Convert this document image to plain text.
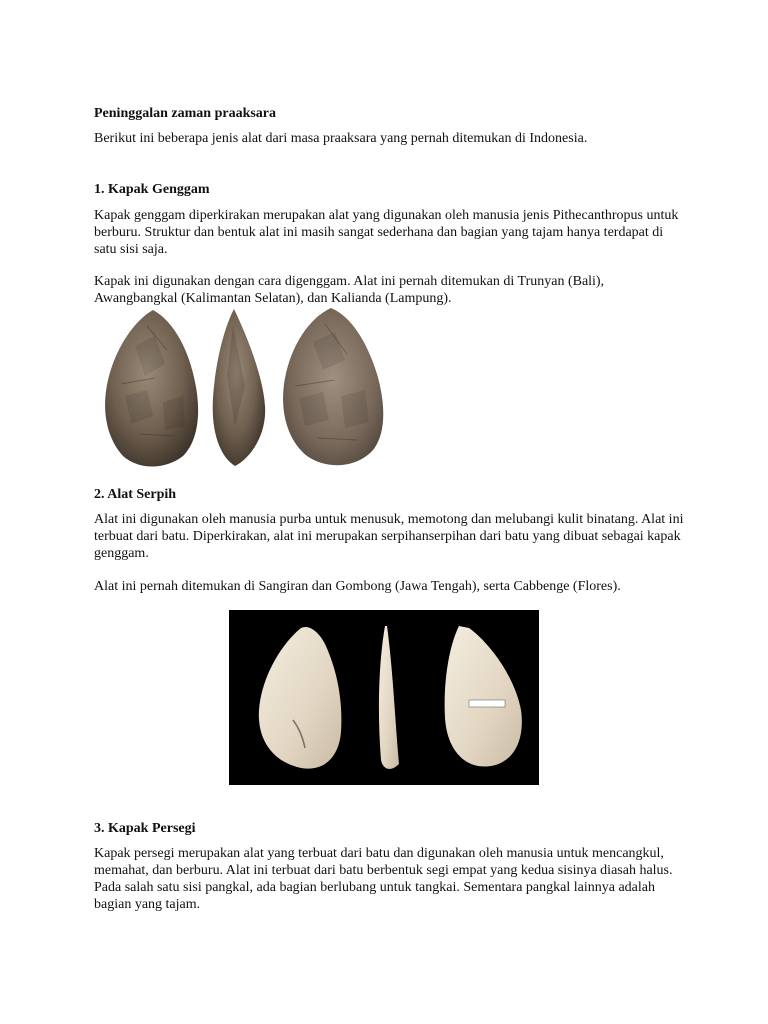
Peninggalan zaman praaksara

Berikut ini beberapa jenis alat dari masa praaksara yang pernah ditemukan di Indonesia.

1. Kapak Genggam

Kapak genggam diperkirakan merupakan alat yang digunakan oleh manusia jenis Pithecanthropus untuk berburu. Struktur dan bentuk alat ini masih sangat sederhana dan bagian yang tajam hanya terdapat di satu sisi saja.

Kapak ini digunakan dengan cara digenggam. Alat ini pernah ditemukan di Trunyan (Bali), Awangbangkal (Kalimantan Selatan), dan Kalianda (Lampung).

2. Alat Serpih

Alat ini digunakan oleh manusia purba untuk menusuk, memotong dan melubangi kulit binatang. Alat ini terbuat dari batu. Diperkirakan, alat ini merupakan serpihanserpihan dari batu yang dibuat sebagai kapak genggam.

Alat ini pernah ditemukan di Sangiran dan Gombong (Jawa Tengah), serta Cabbenge (Flores).

3. Kapak Persegi

Kapak persegi merupakan alat yang terbuat dari batu dan digunakan oleh manusia untuk mencangkul, memahat, dan berburu. Alat ini terbuat dari batu berbentuk segi empat yang kedua sisinya diasah halus. Pada salah satu sisi pangkal, ada bagian berlubang untuk tangkai. Sementara pangkal lainnya adalah bagian yang tajam.
